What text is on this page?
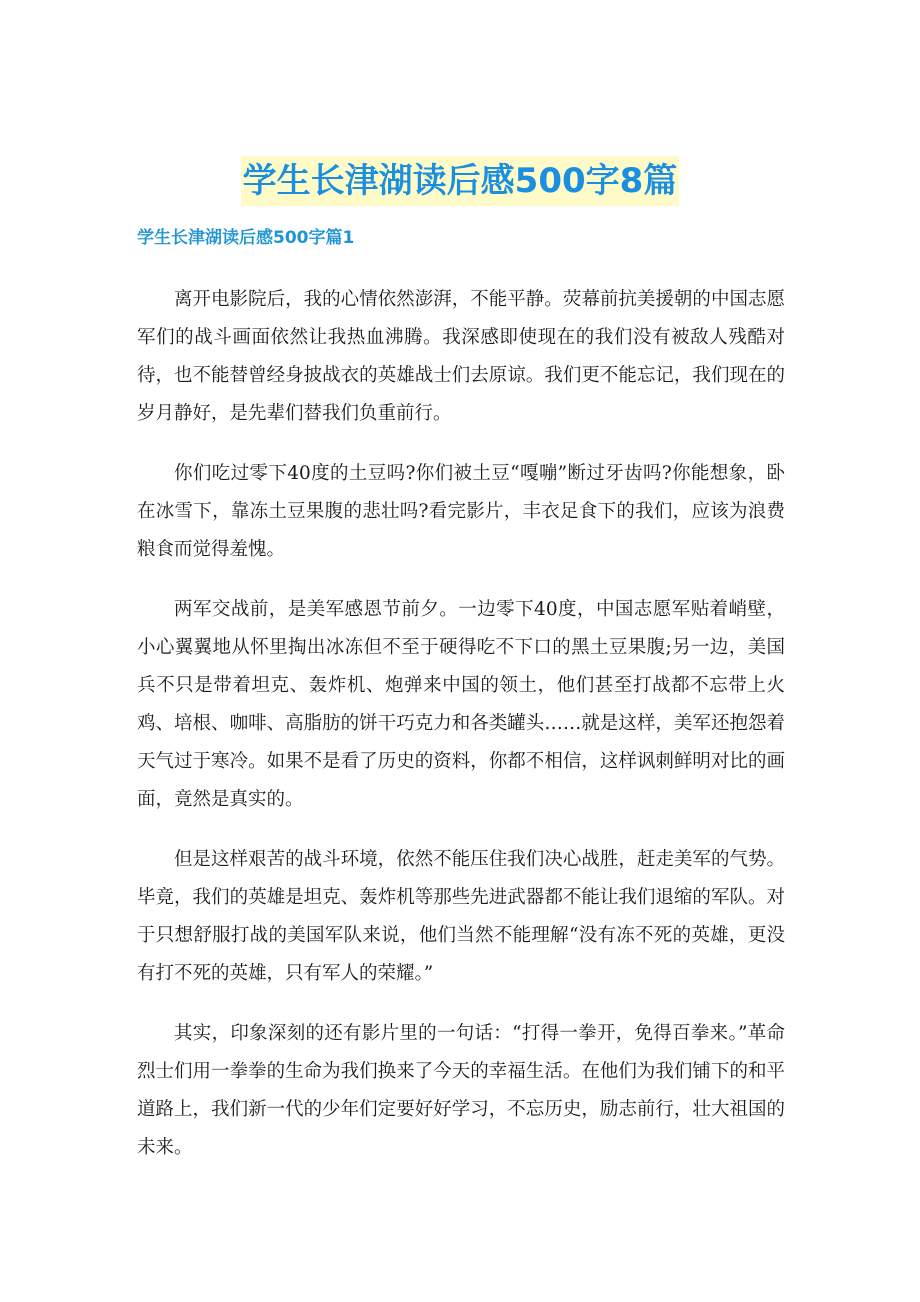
学生长津湖读后感500字8篇
学生长津湖读后感500字篇1

离开电影院后，我的心情依然澎湃，不能平静。荧幕前抗美援朝的中国志愿军们的战斗画面依然让我热血沸腾。我深感即使现在的我们没有被敌人残酷对待，也不能替曾经身披战衣的英雄战士们去原谅。我们更不能忘记，我们现在的岁月静好，是先辈们替我们负重前行。

你们吃过零下40度的土豆吗?你们被土豆“嘎嘣”断过牙齿吗?你能想象，卧在冰雪下，靠冻土豆果腹的悲壮吗?看完影片，丰衣足食下的我们，应该为浪费粮食而觉得羞愧。

两军交战前，是美军感恩节前夕。一边零下40度，中国志愿军贴着峭壁，小心翼翼地从怀里掏出冰冻但不至于硬得吃不下口的黑土豆果腹;另一边，美国兵不只是带着坦克、轰炸机、炮弹来中国的领土，他们甚至打战都不忘带上火鸡、培根、咖啡、高脂肪的饼干巧克力和各类罐头……就是这样，美军还抱怨着天气过于寒冷。如果不是看了历史的资料，你都不相信，这样讽刺鲜明对比的画面，竟然是真实的。

但是这样艰苦的战斗环境，依然不能压住我们决心战胜，赶走美军的气势。毕竟，我们的英雄是坦克、轰炸机等那些先进武器都不能让我们退缩的军队。对于只想舒服打战的美国军队来说，他们当然不能理解“没有冻不死的英雄，更没有打不死的英雄，只有军人的荣耀。”

其实，印象深刻的还有影片里的一句话：“打得一拳开，免得百拳来。”革命烈士们用一拳拳的生命为我们换来了今天的幸福生活。在他们为我们铺下的和平道路上，我们新一代的少年们定要好好学习，不忘历史，励志前行，壮大祖国的未来。
